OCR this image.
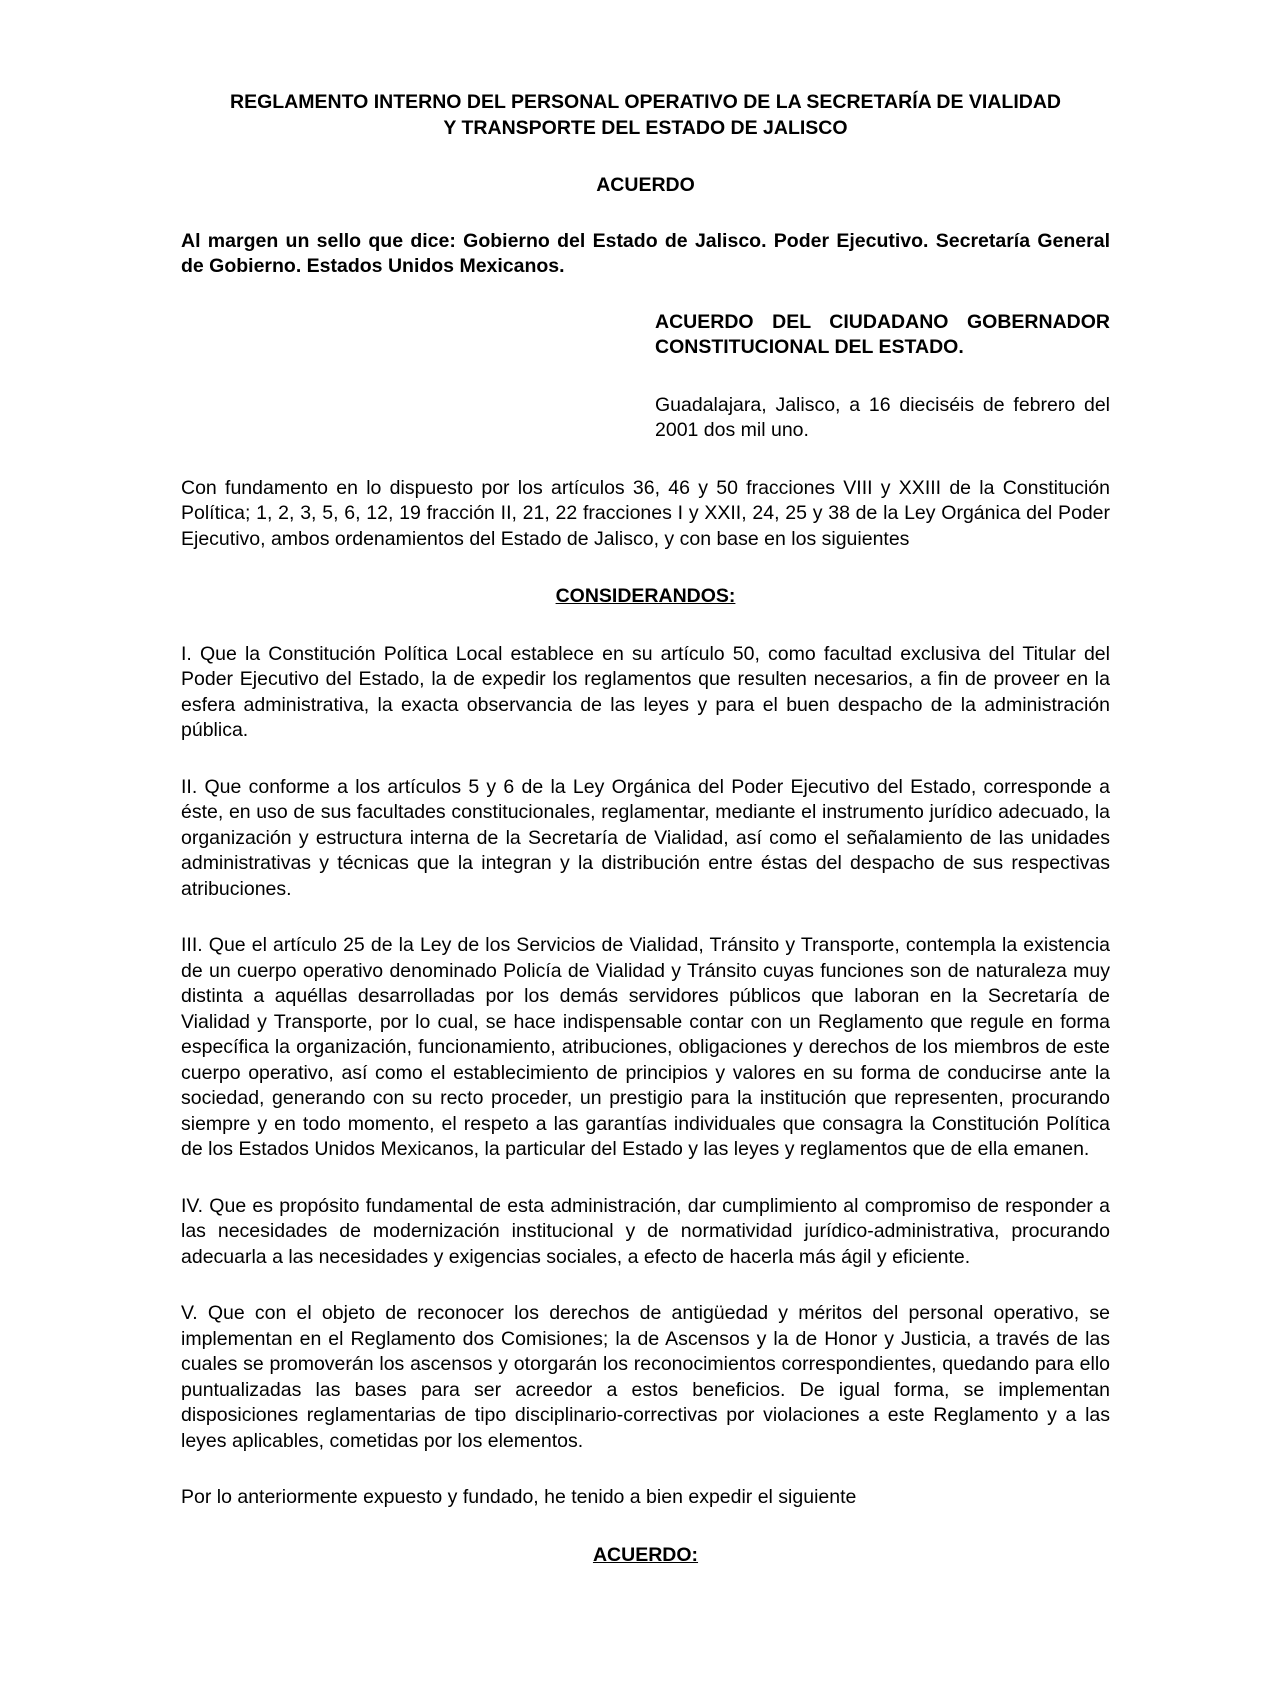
REGLAMENTO INTERNO DEL PERSONAL OPERATIVO DE LA SECRETARÍA DE VIALIDAD Y TRANSPORTE DEL ESTADO DE JALISCO

ACUERDO

Al margen un sello que dice: Gobierno del Estado de Jalisco. Poder Ejecutivo. Secretaría General de Gobierno. Estados Unidos Mexicanos.

ACUERDO DEL CIUDADANO GOBERNADOR CONSTITUCIONAL DEL ESTADO.
Guadalajara, Jalisco, a 16 dieciséis de febrero del 2001 dos mil uno.

Con fundamento en lo dispuesto por los artículos 36, 46 y 50 fracciones VIII y XXIII de la Constitución Política; 1, 2, 3, 5, 6, 12, 19 fracción II, 21, 22 fracciones I y XXII, 24, 25 y 38 de la Ley Orgánica del Poder Ejecutivo, ambos ordenamientos del Estado de Jalisco, y con base en los siguientes

CONSIDERANDOS:

I. Que la Constitución Política Local establece en su artículo 50, como facultad exclusiva del Titular del Poder Ejecutivo del Estado, la de expedir los reglamentos que resulten necesarios, a fin de proveer en la esfera administrativa, la exacta observancia de las leyes y para el buen despacho de la administración pública.

II. Que conforme a los artículos 5 y 6 de la Ley Orgánica del Poder Ejecutivo del Estado, corresponde a éste, en uso de sus facultades constitucionales, reglamentar, mediante el instrumento jurídico adecuado, la organización y estructura interna de la Secretaría de Vialidad, así como el señalamiento de las unidades administrativas y técnicas que la integran y la distribución entre éstas del despacho de sus respectivas atribuciones.

III. Que el artículo 25 de la Ley de los Servicios de Vialidad, Tránsito y Transporte, contempla la existencia de un cuerpo operativo denominado Policía de Vialidad y Tránsito cuyas funciones son de naturaleza muy distinta a aquéllas desarrolladas por los demás servidores públicos que laboran en la Secretaría de Vialidad y Transporte, por lo cual, se hace indispensable contar con un Reglamento que regule en forma específica la organización, funcionamiento, atribuciones, obligaciones y derechos de los miembros de este cuerpo operativo, así como el establecimiento de principios y valores en su forma de conducirse ante la sociedad, generando con su recto proceder, un prestigio para la institución que representen, procurando siempre y en todo momento, el respeto a las garantías individuales que consagra la Constitución Política de los Estados Unidos Mexicanos, la particular del Estado y las leyes y reglamentos que de ella emanen.

IV. Que es propósito fundamental de esta administración, dar cumplimiento al compromiso de responder a las necesidades de modernización institucional y de normatividad jurídico-administrativa, procurando adecuarla a las necesidades y exigencias sociales, a efecto de hacerla más ágil y eficiente.

V. Que con el objeto de reconocer los derechos de antigüedad y méritos del personal operativo, se implementan en el Reglamento dos Comisiones; la de Ascensos y la de Honor y Justicia, a través de las cuales se promoverán los ascensos y otorgarán los reconocimientos correspondientes, quedando para ello puntualizadas las bases para ser acreedor a estos beneficios. De igual forma, se implementan disposiciones reglamentarias de tipo disciplinario-correctivas por violaciones a este Reglamento y a las leyes aplicables, cometidas por los elementos.

Por lo anteriormente expuesto y fundado, he tenido a bien expedir el siguiente

ACUERDO:
